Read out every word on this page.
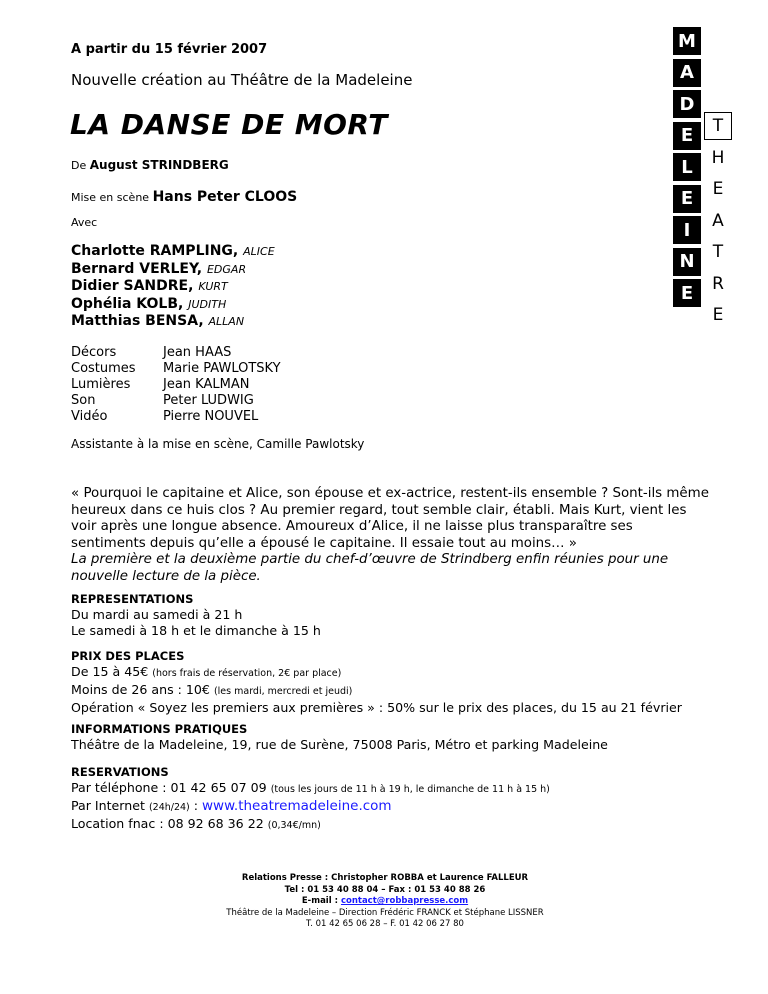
A partir du 15 février 2007
Nouvelle création au Théâtre de la Madeleine
LA DANSE DE MORT
De August STRINDBERG
Mise en scène Hans Peter CLOOS
Avec
Charlotte RAMPLING, ALICE
Bernard VERLEY, EDGAR
Didier SANDRE, KURT
Ophélia KOLB, JUDITH
Matthias BENSA, ALLAN
Décors	Jean HAAS
Costumes	Marie PAWLOTSKY
Lumières	Jean KALMAN
Son	Peter LUDWIG
Vidéo	Pierre NOUVEL
Assistante à la mise en scène, Camille Pawlotsky
« Pourquoi le capitaine et Alice, son épouse et ex-actrice, restent-ils ensemble ? Sont-ils même heureux dans ce huis clos ? Au premier regard, tout semble clair, établi. Mais Kurt, vient les voir après une longue absence. Amoureux d’Alice, il ne laisse plus transparaître ses sentiments depuis qu’elle a épousé le capitaine. Il essaie tout au moins… »
La première et la deuxième partie du chef-d’œuvre de Strindberg enfin réunies pour une nouvelle lecture de la pièce.
REPRESENTATIONS
Du mardi au samedi à 21 h
Le samedi à 18 h et le dimanche à 15 h
PRIX DES PLACES
De 15 à 45€ (hors frais de réservation, 2€ par place)
Moins de 26 ans : 10€ (les mardi, mercredi et jeudi)
Opération « Soyez les premiers aux premières » : 50% sur le prix des places, du 15 au 21 février
INFORMATIONS PRATIQUES
Théâtre de la Madeleine, 19, rue de Surène, 75008 Paris, Métro et parking Madeleine
RESERVATIONS
Par téléphone : 01 42 65 07 09 (tous les jours de 11 h à 19 h, le dimanche de 11 h à 15 h)
Par Internet (24h/24) : www.theatremadeleine.com
Location fnac : 08 92 68 36 22 (0,34€/mn)
Relations Presse : Christopher ROBBA et Laurence FALLEUR
Tel : 01 53 40 88 04 – Fax : 01 53 40 88 26
E-mail : contact@robbapresse.com
Théâtre de la Madeleine – Direction Frédéric FRANCK et Stéphane LISSNER
T. 01 42 65 06 28 – F. 01 42 06 27 80
M
A
D
E
L
E
I
N
E
T
H
E
A
T
R
E
